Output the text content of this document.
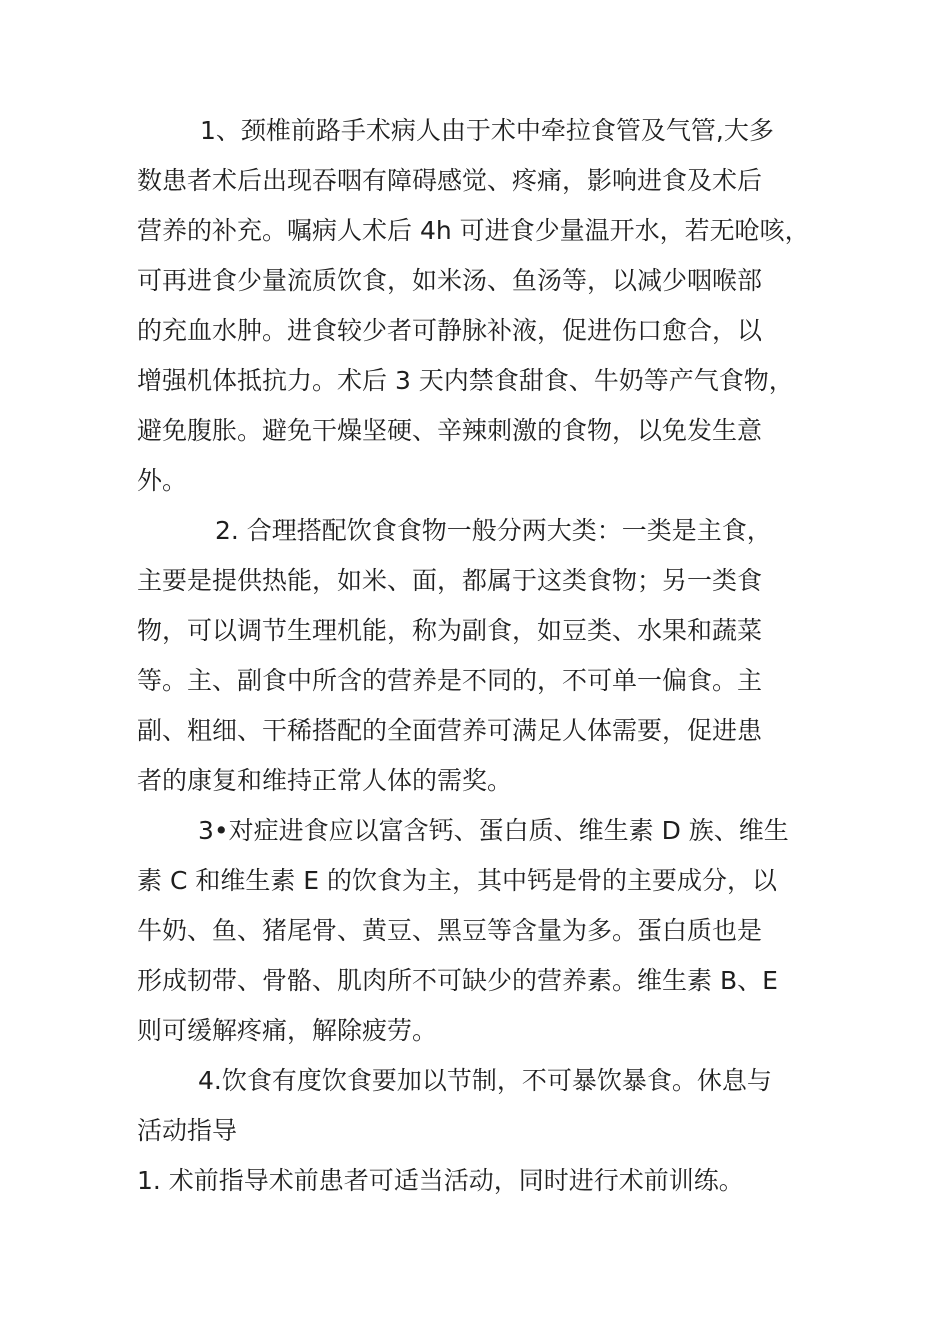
1、颈椎前路手术病人由于术中牵拉食管及气管,大多
数患者术后出现吞咽有障碍感觉、疼痛，影响进食及术后
营养的补充。嘱病人术后 4h 可进食少量温开水，若无呛咳，
可再进食少量流质饮食，如米汤、鱼汤等，以减少咽喉部
的充血水肿。进食较少者可静脉补液，促进伤口愈合，以
增强机体抵抗力。术后 3 天内禁食甜食、牛奶等产气食物，
避免腹胀。避免干燥坚硬、辛辣刺激的食物，以免发生意
外。
2. 合理搭配饮食食物一般分两大类：一类是主食，
主要是提供热能，如米、面，都属于这类食物；另一类食
物，可以调节生理机能，称为副食，如豆类、水果和蔬菜
等。主、副食中所含的营养是不同的，不可单一偏食。主
副、粗细、干稀搭配的全面营养可满足人体需要，促进患
者的康复和维持正常人体的需奖。
3•对症进食应以富含钙、蛋白质、维生素 D 族、维生
素 C 和维生素 E 的饮食为主，其中钙是骨的主要成分，以
牛奶、鱼、猪尾骨、黄豆、黑豆等含量为多。蛋白质也是
形成韧带、骨骼、肌肉所不可缺少的营养素。维生素 B、E
则可缓解疼痛，解除疲劳。
4.饮食有度饮食要加以节制，不可暴饮暴食。休息与
活动指导
1. 术前指导术前患者可适当活动，同时进行术前训练。
